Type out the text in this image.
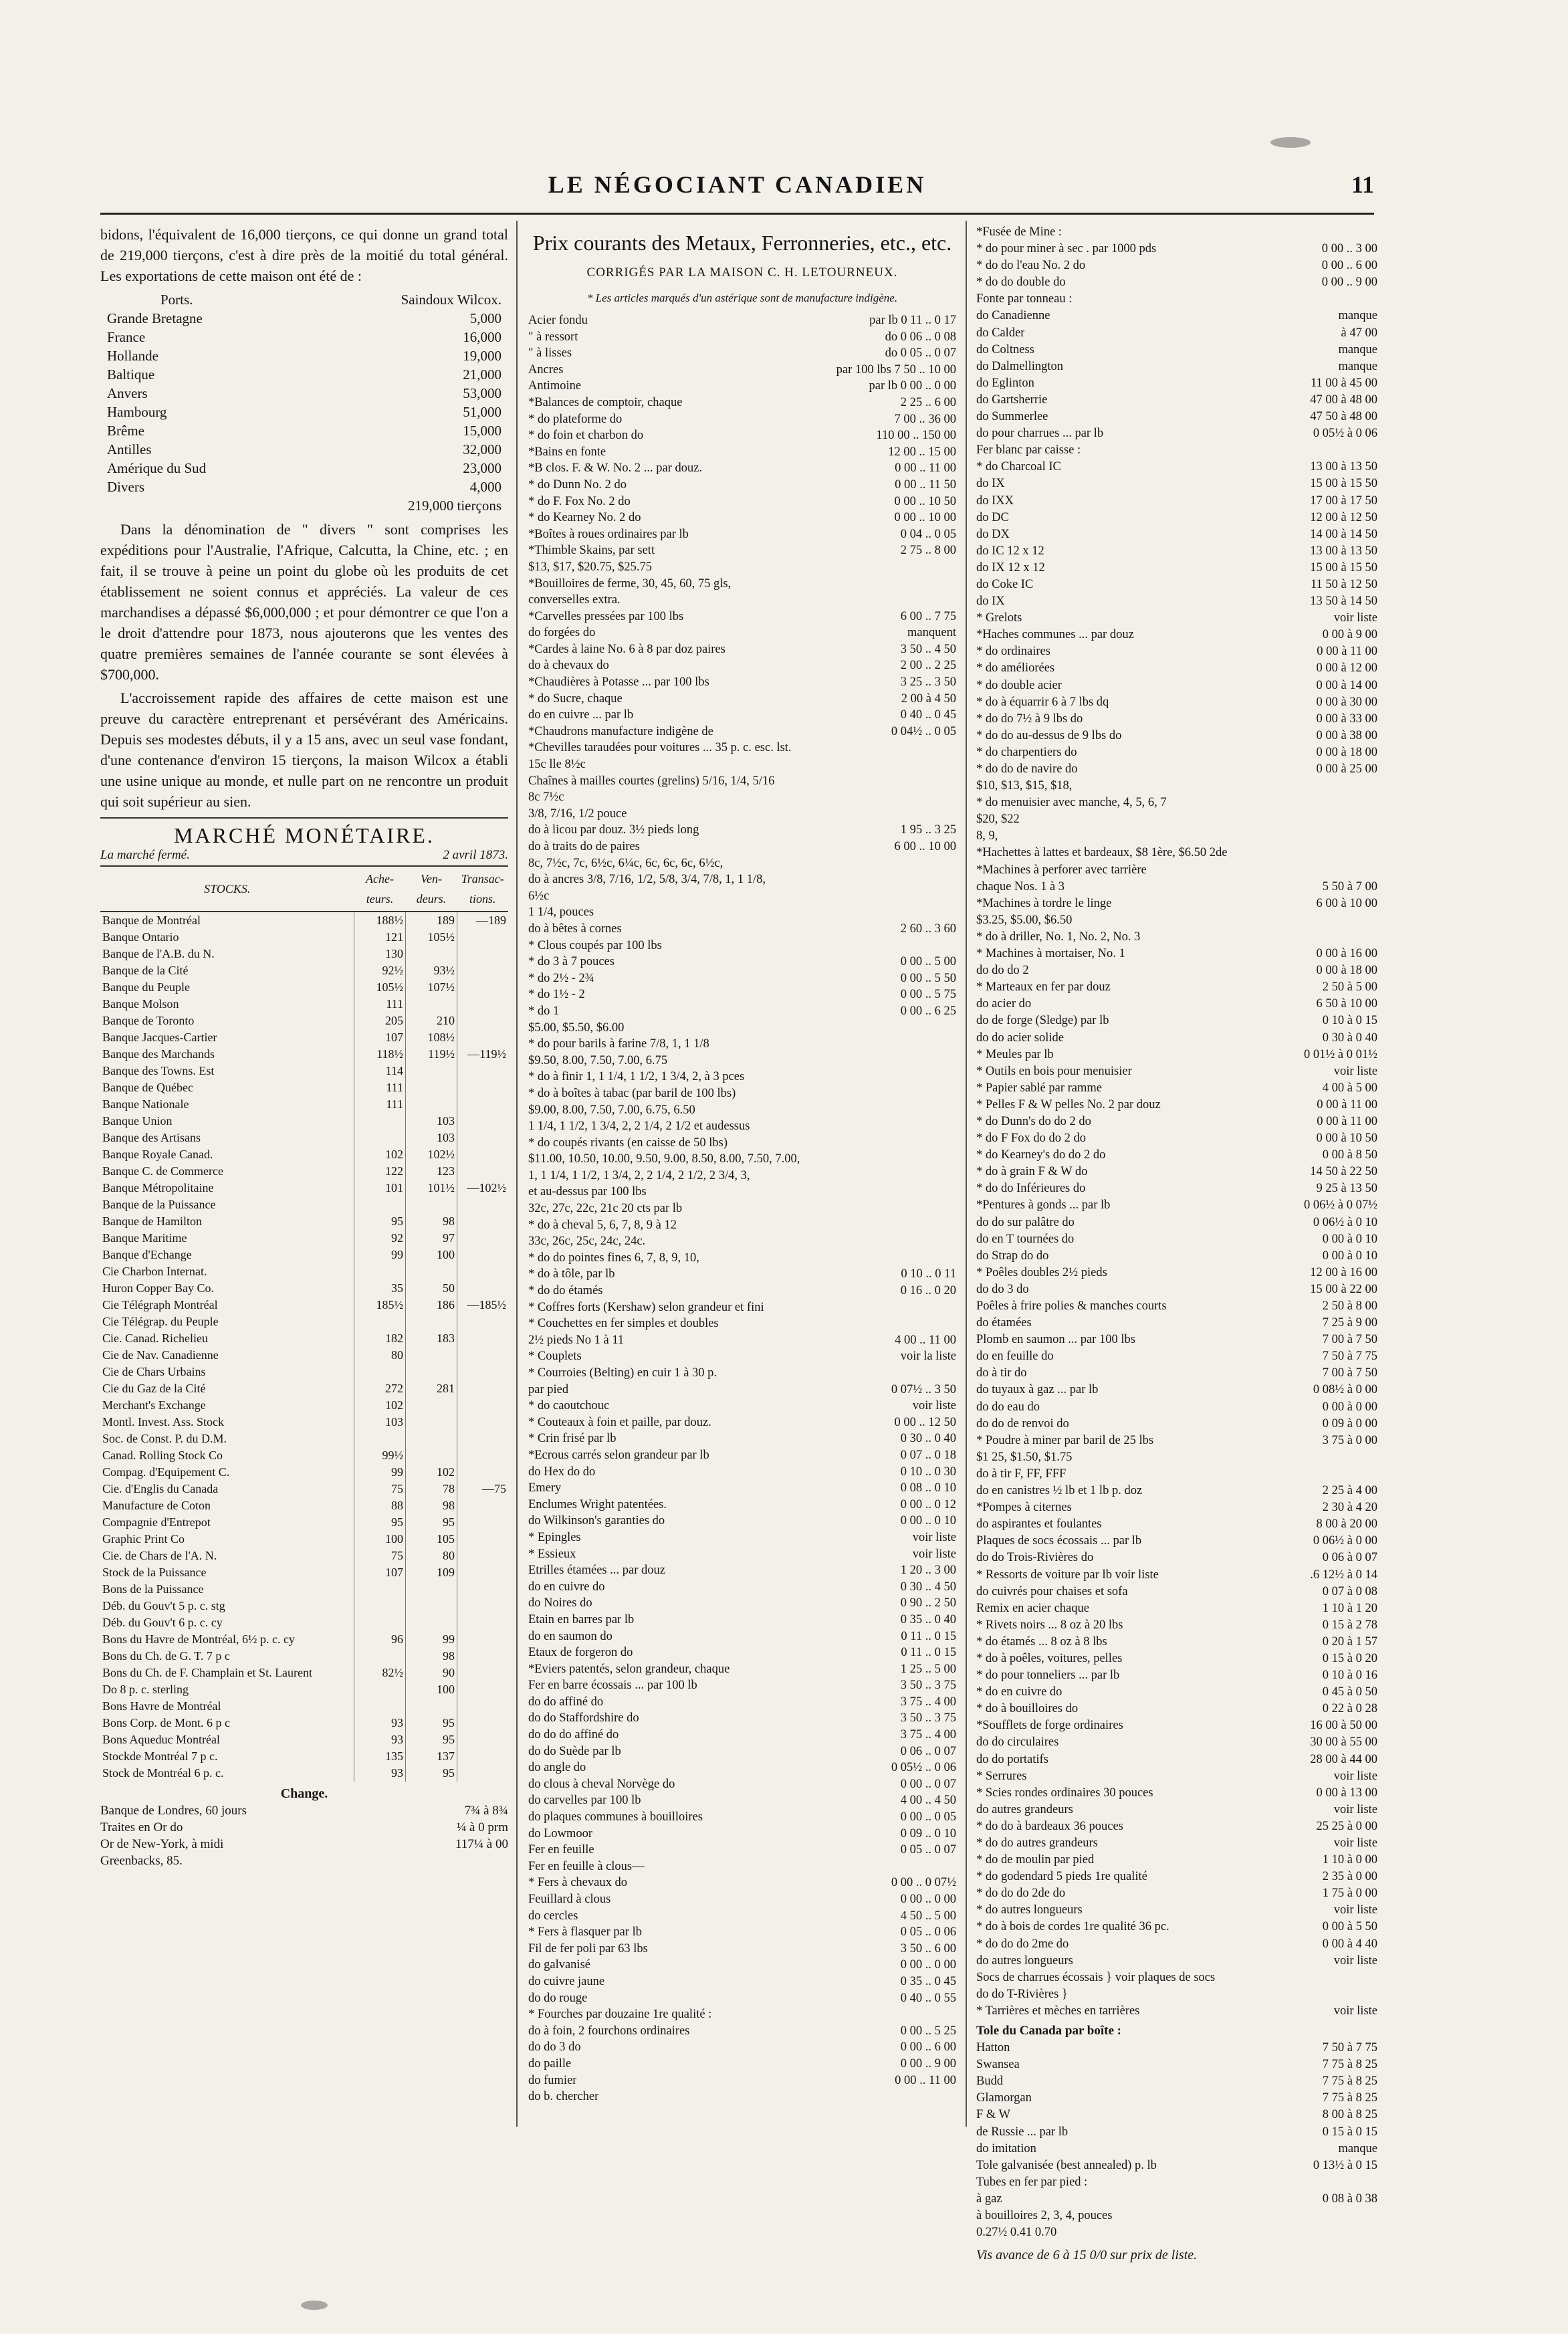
LE NÉGOCIANT CANADIEN	11

bidons, l'équivalent de 16,000 tierçons, ce qui donne un grand total de 219,000 tierçons, c'est à dire près de la moitié du total général. Les exportations de cette maison ont été de :

Ports.	Saindoux Wilcox.
Grande Bretagne	5,000
France	16,000
Hollande	19,000
Baltique	21,000
Anvers	53,000
Hambourg	51,000
Brême	15,000
Antilles	32,000
Amérique du Sud	23,000
Divers	4,000
219,000 tierçons

Dans la dénomination de " divers " sont comprises les expéditions pour l'Australie, l'Afrique, Calcutta, la Chine, etc. ; en fait, il se trouve à peine un point du globe où les produits de cet établissement ne soient connus et appréciés. La valeur de ces marchandises a dépassé $6,000,000 ; et pour démontrer ce que l'on a le droit d'attendre pour 1873, nous ajouterons que les ventes des quatre premières semaines de l'année courante se sont élevées à $700,000.

L'accroissement rapide des affaires de cette maison est une preuve du caractère entreprenant et persévérant des Américains. Depuis ses modestes débuts, il y a 15 ans, avec un seul vase fondant, d'une contenance d'environ 15 tierçons, la maison Wilcox a établi une usine unique au monde, et nulle part on ne rencontre un produit qui soit supérieur au sien.

MARCHÉ MONÉTAIRE.
La marché fermé.	2 avril 1873.
STOCKS.	Ache-teurs.	Ven-deurs.	Transac-tions.
Banque de Montréal	188½	189	—189
Banque Ontario	121	105½	
Banque de l'A.B. du N.	130		
Banque de la Cité	92½	93½	
Banque du Peuple	105½	107½	
Banque Molson	111		
Banque de Toronto	205	210	
Banque Jacques-Cartier	107	108½	
Banque des Marchands	118½	119½	—119½
Banque des Towns. Est	114		
Banque de Québec	111		
Banque Nationale	111		
Banque Union		103	
Banque des Artisans		103	
Banque Royale Canad.	102	102½	
Banque C. de Commerce	122	123	
Banque Métropolitaine	101	101½	—102½
Banque de la Puissance			
Banque de Hamilton	95	98	
Banque Maritime	92	97	
Banque d'Echange	99	100	
Cie Charbon Internat.			
Huron Copper Bay Co.	35	50	
Cie Télégraph Montréal	185½	186	—185½
Cie Télégrap. du Peuple			
Cie. Canad. Richelieu	182	183	
Cie de Nav. Canadienne	80		
Cie de Chars Urbains			
Cie du Gaz de la Cité	272	281	
Merchant's Exchange	102		
Montl. Invest. Ass. Stock	103		
Soc. de Const. P. du D.M.			
Canad. Rolling Stock Co	99½		
Compag. d'Equipement C.	99	102	
Cie. d'Englis du Canada	75	78	—75
Manufacture de Coton	88	98	
Compagnie d'Entrepot	95	95	
Graphic Print Co	100	105	
Cie. de Chars de l'A. N.	75	80	
Stock de la Puissance	107	109	
Bons de la Puissance			
Déb. du Gouv't 5 p. c. stg			
Déb. du Gouv't 6 p. c. cy			
Bons du Havre de Montréal, 6½ p. c. cy	96	99	
Bons du Ch. de G. T. 7 p c		98	
Bons du Ch. de F. Champlain et St. Laurent	82½	90	
Do 8 p. c. sterling		100	
Bons Havre de Montréal			
Bons Corp. de Mont. 6 p c	93	95	
Bons Aqueduc Montréal	93	95	
Stockde Montréal 7 p c.	135	137	
Stock de Montréal 6 p. c.	93	95	
Change.
Banque de Londres, 60 jours	7¾ à 8¾
Traites en Or do	¼ à 0 prm
Or de New-York, à midi	117¼ à 00
Greenbacks, 85.
Prix courants des Metaux, Ferronneries, etc., etc.
CORRIGÉS PAR LA MAISON C. H. LETOURNEUX.
* Les articles marqués d'un astérique sont de manufacture indigène.
Acier fondu	par lb 0 11 .. 0 17
" à ressort	do 0 06 .. 0 08
" à lisses	do 0 05 .. 0 07
Ancres	par 100 lbs 7 50 .. 10 00
Antimoine	par lb 0 00 .. 0 00
*Balances de comptoir, chaque	2 25 .. 6 00
* do plateforme do	7 00 .. 36 00
* do foin et charbon do	110 00 .. 150 00
*Bains en fonte	12 00 .. 15 00
*B clos. F. & W. No. 2 ... par douz.	0 00 .. 11 00
* do Dunn No. 2 do	0 00 .. 11 50
* do F. Fox No. 2 do	0 00 .. 10 50
* do Kearney No. 2 do	0 00 .. 10 00
*Boîtes à roues ordinaires par lb	0 04 .. 0 05
*Thimble Skains, par sett	2 75 .. 8 00
$13, $17, $20.75, $25.75
*Bouilloires de ferme, 30, 45, 60, 75 gls,
converselles extra.
*Carvelles pressées par 100 lbs	6 00 .. 7 75
do forgées do	manquent
*Cardes à laine No. 6 à 8 par doz paires	3 50 .. 4 50
do à chevaux do	2 00 .. 2 25
*Chaudières à Potasse ... par 100 lbs	3 25 .. 3 50
* do Sucre, chaque	2 00 à 4 50
do en cuivre ... par lb	0 40 .. 0 45
*Chaudrons manufacture indigène de	0 04½ .. 0 05
*Chevilles taraudées pour voitures ... 35 p. c. esc. lst.
15c lle 8½c
Chaînes à mailles courtes (grelins) 5/16, 1/4, 5/16
8c 7½c
3/8, 7/16, 1/2 pouce
do à licou par douz. 3½ pieds long	1 95 .. 3 25
do à traits do de paires	6 00 .. 10 00
8c, 7½c, 7c, 6½c, 6¼c, 6c, 6c, 6c, 6½c,
do à ancres 3/8, 7/16, 1/2, 5/8, 3/4, 7/8, 1, 1 1/8,
6½c
1 1/4, pouces
do à bêtes à cornes	2 60 .. 3 60
* Clous coupés par 100 lbs
* do 3 à 7 pouces	0 00 .. 5 00
* do 2½ - 2¾	0 00 .. 5 50
* do 1½ - 2	0 00 .. 5 75
* do 1	0 00 .. 6 25
$5.00, $5.50, $6.00
* do pour barils à farine 7/8, 1, 1 1/8
$9.50, 8.00, 7.50, 7.00, 6.75
* do à finir 1, 1 1/4, 1 1/2, 1 3/4, 2, à 3 pces
* do à boîtes à tabac (par baril de 100 lbs)
$9.00, 8.00, 7.50, 7.00, 6.75, 6.50
1 1/4, 1 1/2, 1 3/4, 2, 2 1/4, 2 1/2 et audessus
* do coupés rivants (en caisse de 50 lbs)
$11.00, 10.50, 10.00, 9.50, 9.00, 8.50, 8.00, 7.50, 7.00,
1, 1 1/4, 1 1/2, 1 3/4, 2, 2 1/4, 2 1/2, 2 3/4, 3,
et au-dessus par 100 lbs
32c, 27c, 22c, 21c 20 cts par lb
* do à cheval 5, 6, 7, 8, 9 à 12
33c, 26c, 25c, 24c, 24c.
* do do pointes fines 6, 7, 8, 9, 10,
* do à tôle, par lb	0 10 .. 0 11
* do do étamés	0 16 .. 0 20
* Coffres forts (Kershaw) selon grandeur et fini
* Couchettes en fer simples et doubles
2½ pieds No 1 à 11	4 00 .. 11 00
* Couplets	voir la liste
* Courroies (Belting) en cuir 1 à 30 p.
par pied	0 07½ .. 3 50
* do caoutchouc	voir liste
* Couteaux à foin et paille, par douz.	0 00 .. 12 50
* Crin frisé par lb	0 30 .. 0 40
*Ecrous carrés selon grandeur par lb	0 07 .. 0 18
do Hex do do	0 10 .. 0 30
Emery	0 08 .. 0 10
Enclumes Wright patentées.	0 00 .. 0 12
do Wilkinson's garanties do	0 00 .. 0 10
* Epingles	voir liste
* Essieux	voir liste
Etrilles étamées ... par douz	1 20 .. 3 00
do en cuivre do	0 30 .. 4 50
do Noires do	0 90 .. 2 50
Etain en barres par lb	0 35 .. 0 40
do en saumon do	0 11 .. 0 15
Etaux de forgeron do	0 11 .. 0 15
*Eviers patentés, selon grandeur, chaque	1 25 .. 5 00
Fer en barre écossais ... par 100 lb	3 50 .. 3 75
do do affiné do	3 75 .. 4 00
do do Staffordshire do	3 50 .. 3 75
do do do affiné do	3 75 .. 4 00
do do Suède par lb	0 06 .. 0 07
do angle do	0 05½ .. 0 06
do clous à cheval Norvège do	0 00 .. 0 07
do carvelles par 100 lb	4 00 .. 4 50
do plaques communes à bouilloires	0 00 .. 0 05
do Lowmoor	0 09 .. 0 10
Fer en feuille	0 05 .. 0 07
Fer en feuille à clous—
* Fers à chevaux do	0 00 .. 0 07½
Feuillard à clous	0 00 .. 0 00
do cercles	4 50 .. 5 00
* Fers à flasquer par lb	0 05 .. 0 06
Fil de fer poli par 63 lbs	3 50 .. 6 00
do galvanisé	0 00 .. 0 00
do cuivre jaune	0 35 .. 0 45
do do rouge	0 40 .. 0 55
* Fourches par douzaine 1re qualité :
do à foin, 2 fourchons ordinaires	0 00 .. 5 25
do do 3 do	0 00 .. 6 00
do paille	0 00 .. 9 00
do fumier	0 00 .. 11 00
do b. chercher
*Fusée de Mine :
* do pour miner à sec . par 1000 pds	0 00 .. 3 00
* do do l'eau No. 2 do	0 00 .. 6 00
* do do double do	0 00 .. 9 00
Fonte par tonneau :
do Canadienne	manque
do Calder	à 47 00
do Coltness	manque
do Dalmellington	manque
do Eglinton	11 00 à 45 00
do Gartsherrie	47 00 à 48 00
do Summerlee	47 50 à 48 00
do pour charrues ... par lb	0 05½ à 0 06
Fer blanc par caisse :
* do Charcoal IC	13 00 à 13 50
do IX	15 00 à 15 50
do IXX	17 00 à 17 50
do DC	12 00 à 12 50
do DX	14 00 à 14 50
do IC 12 x 12	13 00 à 13 50
do IX 12 x 12	15 00 à 15 50
do Coke IC	11 50 à 12 50
do IX	13 50 à 14 50
* Grelots	voir liste
*Haches communes ... par douz	0 00 à 9 00
* do ordinaires	0 00 à 11 00
* do améliorées	0 00 à 12 00
* do double acier	0 00 à 14 00
* do à équarrir 6 à 7 lbs dq	0 00 à 30 00
* do do 7½ à 9 lbs do	0 00 à 33 00
* do do au-dessus de 9 lbs do	0 00 à 38 00
* do charpentiers do	0 00 à 18 00
* do do de navire do	0 00 à 25 00
$10, $13, $15, $18,
* do menuisier avec manche, 4, 5, 6, 7
$20, $22
8, 9,
*Hachettes à lattes et bardeaux, $8 1ère, $6.50 2de
*Machines à perforer avec tarrière
chaque Nos. 1 à 3	5 50 à 7 00
*Machines à tordre le linge	6 00 à 10 00
$3.25, $5.00, $6.50
* do à driller, No. 1, No. 2, No. 3
* Machines à mortaiser, No. 1	0 00 à 16 00
do do do 2	0 00 à 18 00
* Marteaux en fer par douz	2 50 à 5 00
do acier do	6 50 à 10 00
do de forge (Sledge) par lb	0 10 à 0 15
do do acier solide	0 30 à 0 40
* Meules par lb	0 01½ à 0 01½
* Outils en bois pour menuisier	voir liste
* Papier sablé par ramme	4 00 à 5 00
* Pelles F & W pelles No. 2 par douz	0 00 à 11 00
* do Dunn's do do 2 do	0 00 à 11 00
* do F Fox do do 2 do	0 00 à 10 50
* do Kearney's do do 2 do	0 00 à 8 50
* do à grain F & W do	14 50 à 22 50
* do do Inférieures do	9 25 à 13 50
*Pentures à gonds ... par lb	0 06½ à 0 07½
do do sur palâtre do	0 06½ à 0 10
do en T tournées do	0 00 à 0 10
do Strap do do	0 00 à 0 10
* Poêles doubles 2½ pieds	12 00 à 16 00
do do 3 do	15 00 à 22 00
Poêles à frire polies & manches courts	2 50 à 8 00
do étamées	7 25 à 9 00
Plomb en saumon ... par 100 lbs	7 00 à 7 50
do en feuille do	7 50 à 7 75
do à tir do	7 00 à 7 50
do tuyaux à gaz ... par lb	0 08½ à 0 00
do do eau do	0 00 à 0 00
do do de renvoi do	0 09 à 0 00
* Poudre à miner par baril de 25 lbs	3 75 à 0 00
$1 25, $1.50, $1.75
do à tir F, FF, FFF
do en canistres ½ lb et 1 lb p. doz	2 25 à 4 00
*Pompes à citernes	2 30 à 4 20
do aspirantes et foulantes	8 00 à 20 00
Plaques de socs écossais ... par lb	0 06½ à 0 00
do do Trois-Rivières do	0 06 à 0 07
* Ressorts de voiture par lb voir liste	.6 12½ à 0 14
do cuivrés pour chaises et sofa	0 07 à 0 08
Remix en acier chaque	1 10 à 1 20
* Rivets noirs ... 8 oz à 20 lbs	0 15 à 2 78
* do étamés ... 8 oz à 8 lbs	0 20 à 1 57
* do à poêles, voitures, pelles	0 15 à 0 20
* do pour tonneliers ... par lb	0 10 à 0 16
* do en cuivre do	0 45 à 0 50
* do à bouilloires do	0 22 à 0 28
*Soufflets de forge ordinaires	16 00 à 50 00
do do circulaires	30 00 à 55 00
do do portatifs	28 00 à 44 00
* Serrures	voir liste
* Scies rondes ordinaires 30 pouces	0 00 à 13 00
do autres grandeurs	voir liste
* do do à bardeaux 36 pouces	25 25 à 0 00
* do do autres grandeurs	voir liste
* do de moulin par pied	1 10 à 0 00
* do godendard 5 pieds 1re qualité	2 35 à 0 00
* do do do 2de do	1 75 à 0 00
* do autres longueurs	voir liste
* do à bois de cordes 1re qualité 36 pc.	0 00 à 5 50
* do do do 2me do	0 00 à 4 40
do autres longueurs	voir liste
Socs de charrues écossais } voir plaques de socs
do do T-Rivières }
* Tarrières et mèches en tarrières	voir liste
Tole du Canada par boîte :
Hatton	7 50 à 7 75
Swansea	7 75 à 8 25
Budd	7 75 à 8 25
Glamorgan	7 75 à 8 25
F & W	8 00 à 8 25
de Russie ... par lb	0 15 à 0 15
do imitation	manque
Tole galvanisée (best annealed) p. lb	0 13½ à 0 15
Tubes en fer par pied :
à gaz	0 08 à 0 38
à bouilloires 2, 3, 4, pouces
0.27½ 0.41 0.70
Vis avance de 6 à 15 0/0 sur prix de liste.
